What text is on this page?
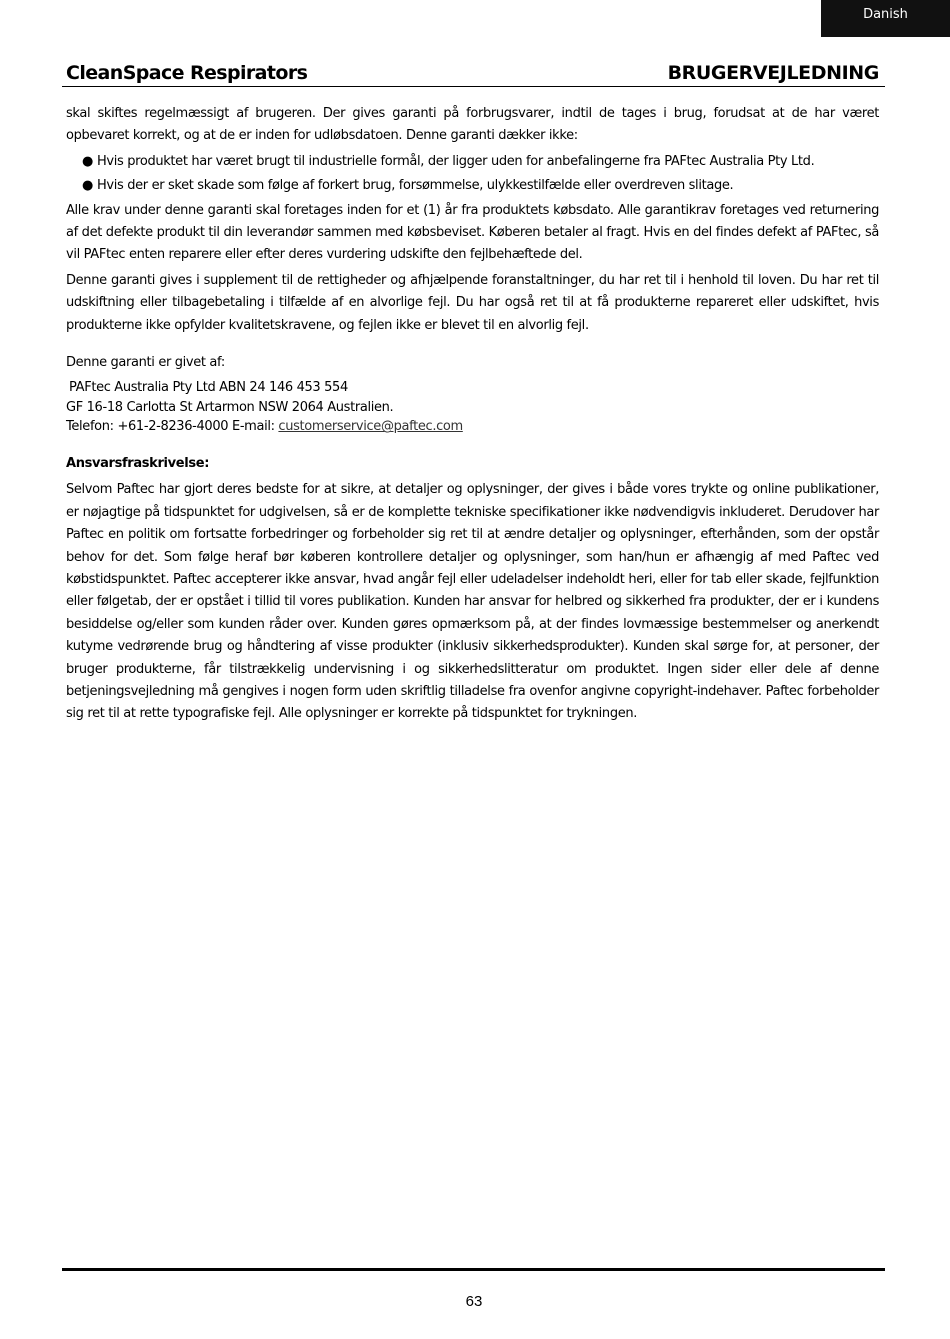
Danish
CleanSpace Respirators	BRUGERVEJLEDNING

skal skiftes regelmæssigt af brugeren. Der gives garanti på forbrugsvarer, indtil de tages i brug, forudsat at de har været opbevaret korrekt, og at de er inden for udløbsdatoen. Denne garanti dækker ikke:

● Hvis produktet har været brugt til industrielle formål, der ligger uden for anbefalingerne fra PAFtec Australia Pty Ltd.
● Hvis der er sket skade som følge af forkert brug, forsømmelse, ulykkestilfælde eller overdreven slitage.

Alle krav under denne garanti skal foretages inden for et (1) år fra produktets købsdato. Alle garantikrav foretages ved returnering af det defekte produkt til din leverandør sammen med købsbeviset. Køberen betaler al fragt. Hvis en del findes defekt af PAFtec, så vil PAFtec enten reparere eller efter deres vurdering udskifte den fejlbehæftede del.

Denne garanti gives i supplement til de rettigheder og afhjælpende foranstaltninger, du har ret til i henhold til loven. Du har ret til udskiftning eller tilbagebetaling i tilfælde af en alvorlige fejl. Du har også ret til at få produkterne repareret eller udskiftet, hvis produkterne ikke opfylder kvalitetskravene, og fejlen ikke er blevet til en alvorlig fejl.

Denne garanti er givet af:

PAFtec Australia Pty Ltd ABN 24 146 453 554
GF 16-18 Carlotta St Artarmon NSW 2064 Australien.
Telefon: +61-2-8236-4000 E-mail: customerservice@paftec.com

Ansvarsfraskrivelse:

Selvom Paftec har gjort deres bedste for at sikre, at detaljer og oplysninger, der gives i både vores trykte og online publikationer, er nøjagtige på tidspunktet for udgivelsen, så er de komplette tekniske specifikationer ikke nødvendigvis inkluderet. Derudover har Paftec en politik om fortsatte forbedringer og forbeholder sig ret til at ændre detaljer og oplysninger, efterhånden, som der opstår behov for det. Som følge heraf bør køberen kontrollere detaljer og oplysninger, som han/hun er afhængig af med Paftec ved købstidspunktet. Paftec accepterer ikke ansvar, hvad angår fejl eller udeladelser indeholdt heri, eller for tab eller skade, fejlfunktion eller følgetab, der er opstået i tillid til vores publikation. Kunden har ansvar for helbred og sikkerhed fra produkter, der er i kundens besiddelse og/eller som kunden råder over. Kunden gøres opmærksom på, at der findes lovmæssige bestemmelser og anerkendt kutyme vedrørende brug og håndtering af visse produkter (inklusiv sikkerhedsprodukter). Kunden skal sørge for, at personer, der bruger produkterne, får tilstrækkelig undervisning i og sikkerhedslitteratur om produktet. Ingen sider eller dele af denne betjeningsvejledning må gengives i nogen form uden skriftlig tilladelse fra ovenfor angivne copyright-indehaver. Paftec forbeholder sig ret til at rette typografiske fejl. Alle oplysninger er korrekte på tidspunktet for trykningen.

63
